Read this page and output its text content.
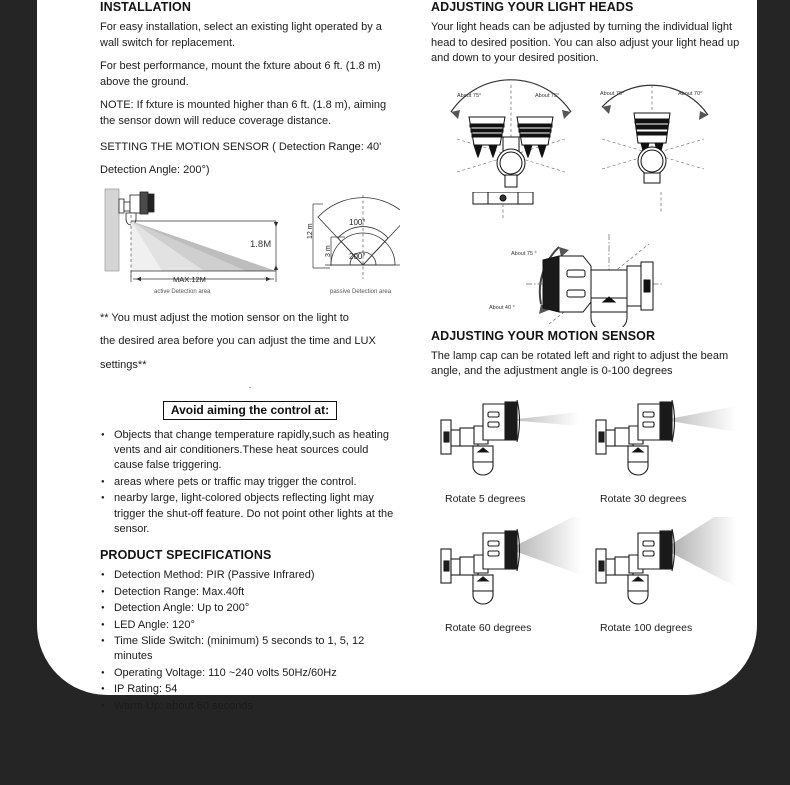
INSTALLATION

For easy installation, select an existing light operated by a wall switch for replacement.

For best performance, mount the fxture about 6 ft. (1.8 m) above the ground.

NOTE: If fxture is mounted higher than 6 ft. (1.8 m), aiming the sensor down will reduce coverage distance.

SETTING THE MOTION SENSOR ( Detection Range: 40'

Detection Angle: 200°)

1.8M
MAX.12M
active Detection area
12 m
3 m
100°
200°
passive Detection area

** You must adjust the motion sensor on the light to

the desired area before you can adjust the time and LUX

settings**

.
Avoid aiming the control at:
● Objects that change temperature rapidly,such as heating vents and air conditioners.These heat sources could cause false triggering.
● areas where pets or traffic may trigger the control.
● nearby large, light-colored objects reflecting light may trigger the shut-off feature. Do not point other lights at the sensor.
PRODUCT SPECIFICATIONS
● Detection Method: PIR (Passive Infrared)
● Detection Range: Max.40ft
● Detection Angle: Up to 200°
● LED Angle: 120°
● Time Slide Switch: (minimum) 5 seconds to 1, 5, 12 minutes
● Operating Voltage: 110 ~240 volts 50Hz/60Hz
● IP Rating: 54
● Warm Up: about 60 seconds
ADJUSTING YOUR LIGHT HEADS

Your light heads can be adjusted by turning the individual light head to desired position. You can also adjust your light head up and down to your desired position.

About 75°	About 75°	About 75°	About 70°
About 75 °
About 40 °
ADJUSTING YOUR MOTION SENSOR

The lamp cap can be rotated left and right to adjust the beam angle, and the adjustment angle is 0-100 degrees

Rotate 5 degrees	Rotate 30 degrees
Rotate 60 degrees	Rotate 100 degrees
